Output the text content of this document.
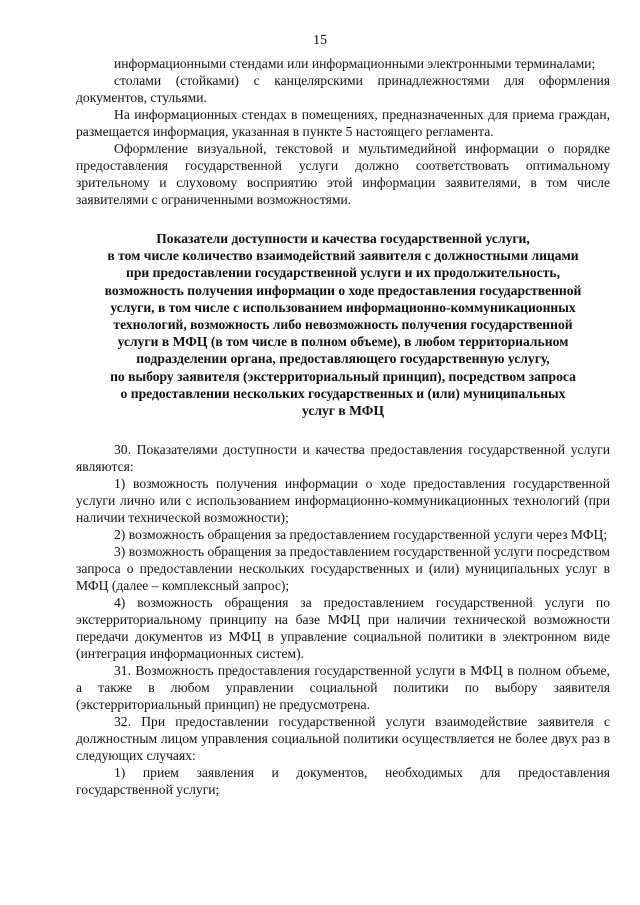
15

информационными стендами или информационными электронными терминалами;

столами (стойками) с канцелярскими принадлежностями для оформления документов, стульями.

На информационных стендах в помещениях, предназначенных для приема граждан, размещается информация, указанная в пункте 5 настоящего регламента.

Оформление визуальной, текстовой и мультимедийной информации о порядке предоставления государственной услуги должно соответствовать оптимальному зрительному и слуховому восприятию этой информации заявителями, в том числе заявителями с ограниченными возможностями.

Показатели доступности и качества государственной услуги,
в том числе количество взаимодействий заявителя с должностными лицами
при предоставлении государственной услуги и их продолжительность,
возможность получения информации о ходе предоставления государственной
услуги, в том числе с использованием информационно-коммуникационных
технологий, возможность либо невозможность получения государственной
услуги в МФЦ (в том числе в полном объеме), в любом территориальном
подразделении органа, предоставляющего государственную услугу,
по выбору заявителя (экстерриториальный принцип), посредством запроса
о предоставлении нескольких государственных и (или) муниципальных
услуг в МФЦ

30. Показателями доступности и качества предоставления государственной услуги являются:

1) возможность получения информации о ходе предоставления государственной услуги лично или с использованием информационно-коммуникационных технологий (при наличии технической возможности);

2) возможность обращения за предоставлением государственной услуги через МФЦ;

3) возможность обращения за предоставлением государственной услуги посредством запроса о предоставлении нескольких государственных и (или) муниципальных услуг в МФЦ (далее – комплексный запрос);

4) возможность обращения за предоставлением государственной услуги по экстерриториальному принципу на базе МФЦ при наличии технической возможности передачи документов из МФЦ в управление социальной политики в электронном виде (интеграция информационных систем).

31. Возможность предоставления государственной услуги в МФЦ в полном объеме, а также в любом управлении социальной политики по выбору заявителя (экстерриториальный принцип) не предусмотрена.

32. При предоставлении государственной услуги взаимодействие заявителя с должностным лицом управления социальной политики осуществляется не более двух раз в следующих случаях:

1) прием заявления и документов, необходимых для предоставления государственной услуги;
